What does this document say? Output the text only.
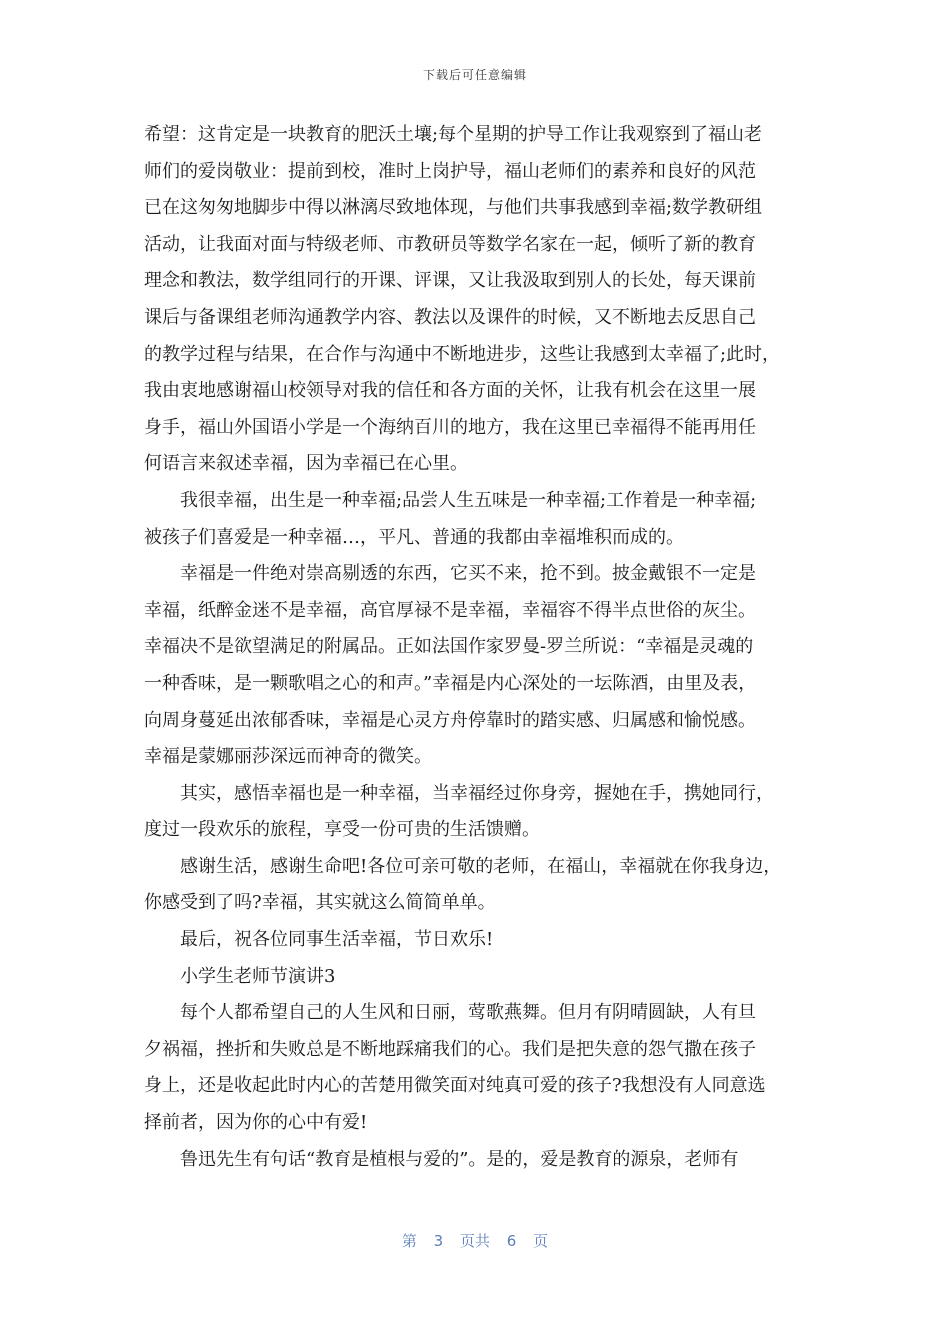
下载后可任意编辑
希望：这肯定是一块教育的肥沃土壤;每个星期的护导工作让我观察到了福山老
师们的爱岗敬业：提前到校，准时上岗护导，福山老师们的素养和良好的风范
已在这匆匆地脚步中得以淋漓尽致地体现，与他们共事我感到幸福;数学教研组
活动，让我面对面与特级老师、市教研员等数学名家在一起，倾听了新的教育
理念和教法，数学组同行的开课、评课，又让我汲取到别人的长处，每天课前
课后与备课组老师沟通教学内容、教法以及课件的时候，又不断地去反思自己
的教学过程与结果，在合作与沟通中不断地进步，这些让我感到太幸福了;此时，
我由衷地感谢福山校领导对我的信任和各方面的关怀，让我有机会在这里一展
身手，福山外国语小学是一个海纳百川的地方，我在这里已幸福得不能再用任
何语言来叙述幸福，因为幸福已在心里。
我很幸福，出生是一种幸福;品尝人生五味是一种幸福;工作着是一种幸福;
被孩子们喜爱是一种幸福…，平凡、普通的我都由幸福堆积而成的。
幸福是一件绝对崇高剔透的东西，它买不来，抢不到。披金戴银不一定是
幸福，纸醉金迷不是幸福，高官厚禄不是幸福，幸福容不得半点世俗的灰尘。
幸福决不是欲望满足的附属品。正如法国作家罗曼-罗兰所说：“幸福是灵魂的
一种香味，是一颗歌唱之心的和声。”幸福是内心深处的一坛陈酒，由里及表，
向周身蔓延出浓郁香味，幸福是心灵方舟停靠时的踏实感、归属感和愉悦感。
幸福是蒙娜丽莎深远而神奇的微笑。
其实，感悟幸福也是一种幸福，当幸福经过你身旁，握她在手，携她同行，
度过一段欢乐的旅程，享受一份可贵的生活馈赠。
感谢生活，感谢生命吧!各位可亲可敬的老师，在福山，幸福就在你我身边，
你感受到了吗?幸福，其实就这么简简单单。
最后，祝各位同事生活幸福，节日欢乐!
小学生老师节演讲3
每个人都希望自己的人生风和日丽，莺歌燕舞。但月有阴晴圆缺，人有旦
夕祸福，挫折和失败总是不断地踩痛我们的心。我们是把失意的怨气撒在孩子
身上，还是收起此时内心的苦楚用微笑面对纯真可爱的孩子?我想没有人同意选
择前者，因为你的心中有爱!
鲁迅先生有句话“教育是植根与爱的”。是的，爱是教育的源泉，老师有
第 3 页共 6 页
